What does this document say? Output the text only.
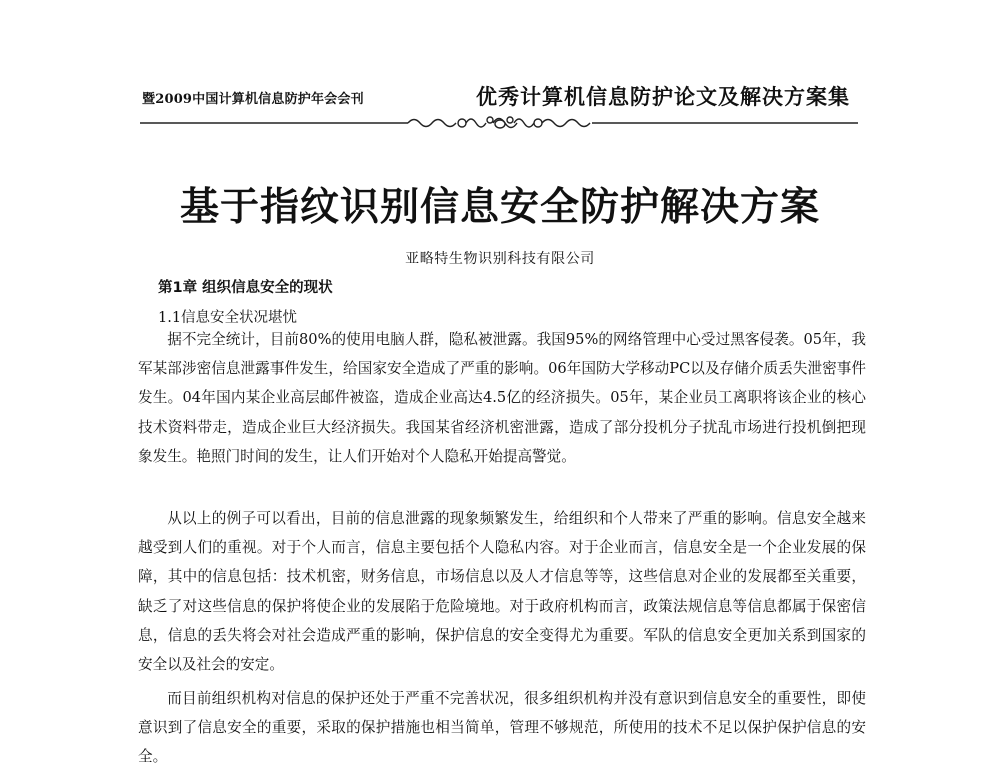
暨2009中国计算机信息防护年会会刊	优秀计算机信息防护论文及解决方案集
基于指纹识别信息安全防护解决方案
亚略特生物识别科技有限公司
第1章 组织信息安全的现状
1.1信息安全状况堪忧

据不完全统计，目前80%的使用电脑人群，隐私被泄露。我国95%的网络管理中心受过黑客侵袭。05年，我军某部涉密信息泄露事件发生，给国家安全造成了严重的影响。06年国防大学移动PC以及存储介质丢失泄密事件发生。04年国内某企业高层邮件被盗，造成企业高达4.5亿的经济损失。05年，某企业员工离职将该企业的核心技术资料带走，造成企业巨大经济损失。我国某省经济机密泄露，造成了部分投机分子扰乱市场进行投机倒把现象发生。艳照门时间的发生，让人们开始对个人隐私开始提高警觉。

从以上的例子可以看出，目前的信息泄露的现象频繁发生，给组织和个人带来了严重的影响。信息安全越来越受到人们的重视。对于个人而言，信息主要包括个人隐私内容。对于企业而言，信息安全是一个企业发展的保障，其中的信息包括：技术机密，财务信息，市场信息以及人才信息等等，这些信息对企业的发展都至关重要，缺乏了对这些信息的保护将使企业的发展陷于危险境地。对于政府机构而言，政策法规信息等信息都属于保密信息，信息的丢失将会对社会造成严重的影响，保护信息的安全变得尤为重要。军队的信息安全更加关系到国家的安全以及社会的安定。

而目前组织机构对信息的保护还处于严重不完善状况，很多组织机构并没有意识到信息安全的重要性，即使意识到了信息安全的重要，采取的保护措施也相当简单，管理不够规范，所使用的技术不足以保护保护信息的安全。
